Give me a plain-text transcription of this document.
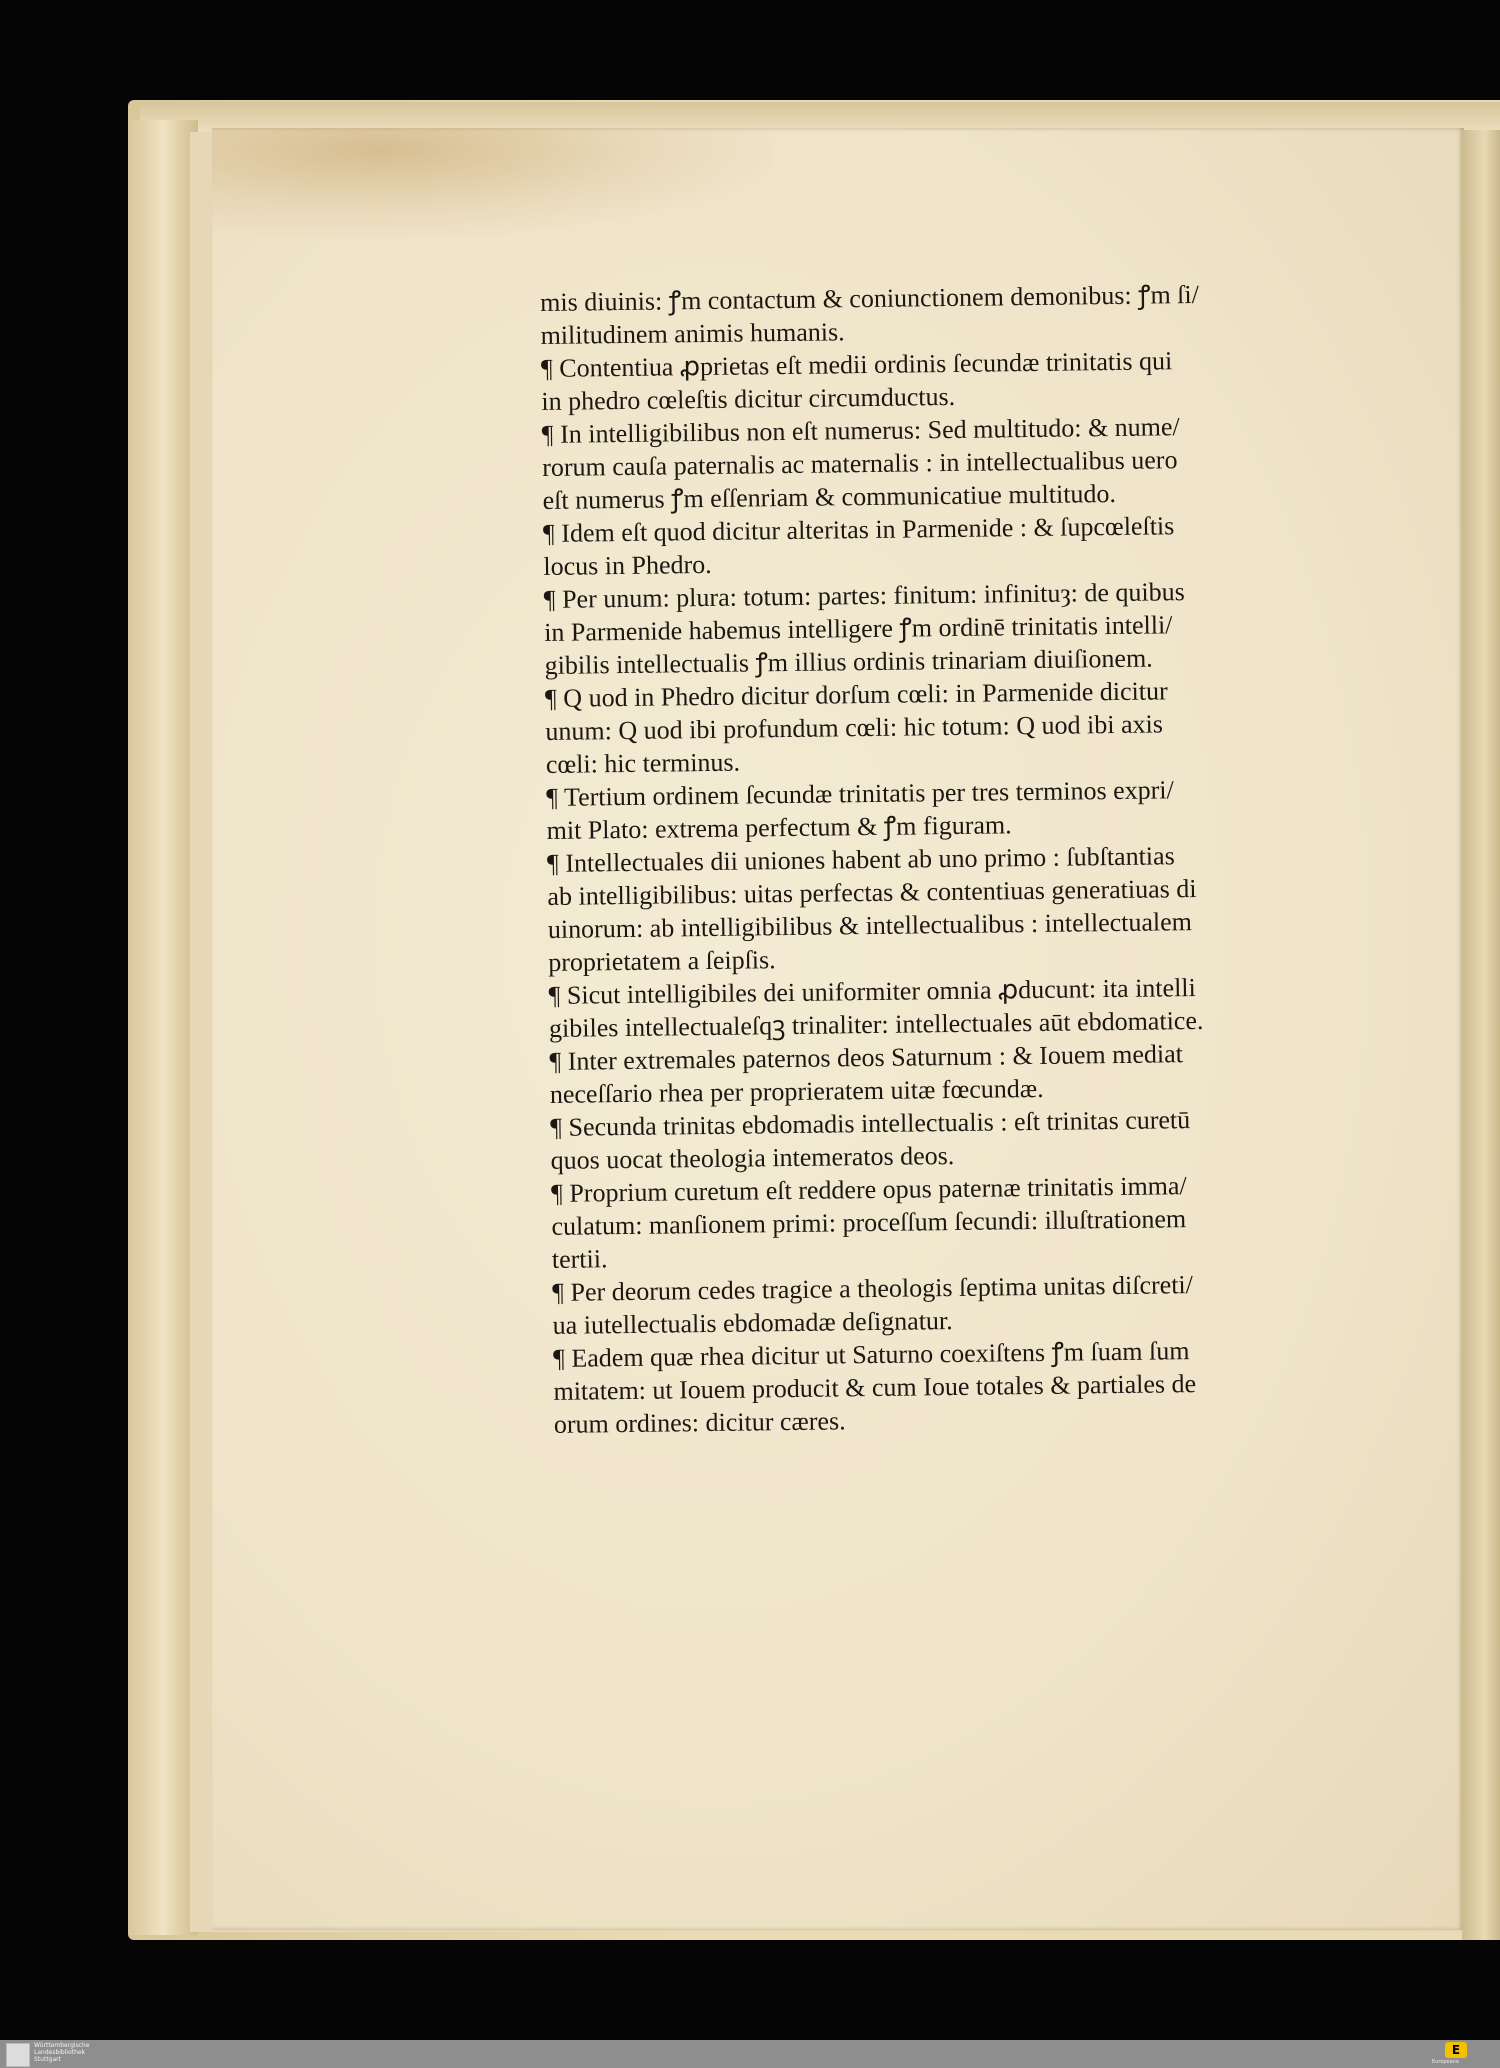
mis diuinis: ꝭm contactum & coniunctionem demonibus: ꝭm ſi/
militudinem animis humanis.
¶ Contentiua ꝓprietas eſt medii ordinis ſecundæ trinitatis qui
in phedro cœleſtis dicitur circumductus.
¶ In intelligibilibus non eſt numerus: Sed multitudo: & nume/
rorum cauſa paternalis ac maternalis : in intellectualibus uero
eſt numerus ꝭm eſſenriam & communicatiue multitudo.
¶ Idem eſt quod dicitur alteritas in Parmenide : & ſupcœleſtis
locus in Phedro.
¶ Per unum: plura: totum: partes: finitum: infinituȝ: de quibus
in Parmenide habemus intelligere ꝭm ordinē trinitatis intelli/
gibilis intellectualis ꝭm illius ordinis trinariam diuiſionem.
¶ Q uod in Phedro dicitur dorſum cœli: in Parmenide dicitur
unum: Q uod ibi profundum cœli: hic totum: Q uod ibi axis
cœli: hic terminus.
¶ Tertium ordinem ſecundæ trinitatis per tres terminos expri/
mit Plato: extrema perfectum & ꝭm figuram.
¶ Intellectuales dii uniones habent ab uno primo : ſubſtantias
ab intelligibilibus: uitas perfectas & contentiuas generatiuas di
uinorum: ab intelligibilibus & intellectualibus : intellectualem
proprietatem a ſeipſis.
¶ Sicut intelligibiles dei uniformiter omnia ꝓducunt: ita intelli
gibiles intellectualeſqꝫ trinaliter: intellectuales aūt ebdomatice.
¶ Inter extremales paternos deos Saturnum : & Iouem mediat
neceſſario rhea per proprieratem uitæ fœcundæ.
¶ Secunda trinitas ebdomadis intellectualis : eſt trinitas curetū
quos uocat theologia intemeratos deos.
¶ Proprium curetum eſt reddere opus paternæ trinitatis imma/
culatum: manſionem primi: proceſſum ſecundi: illuſtrationem
tertii.
¶ Per deorum cedes tragice a theologis ſeptima unitas diſcreti/
ua iutellectualis ebdomadæ deſignatur.
¶ Eadem quæ rhea dicitur ut Saturno coexiſtens ꝭm ſuam ſum
mitatem: ut Iouem producit & cum Ioue totales & partiales de
orum ordines: dicitur cæres.
Württembergische
Landesbibliothek
Stuttgart
E
Europeana
